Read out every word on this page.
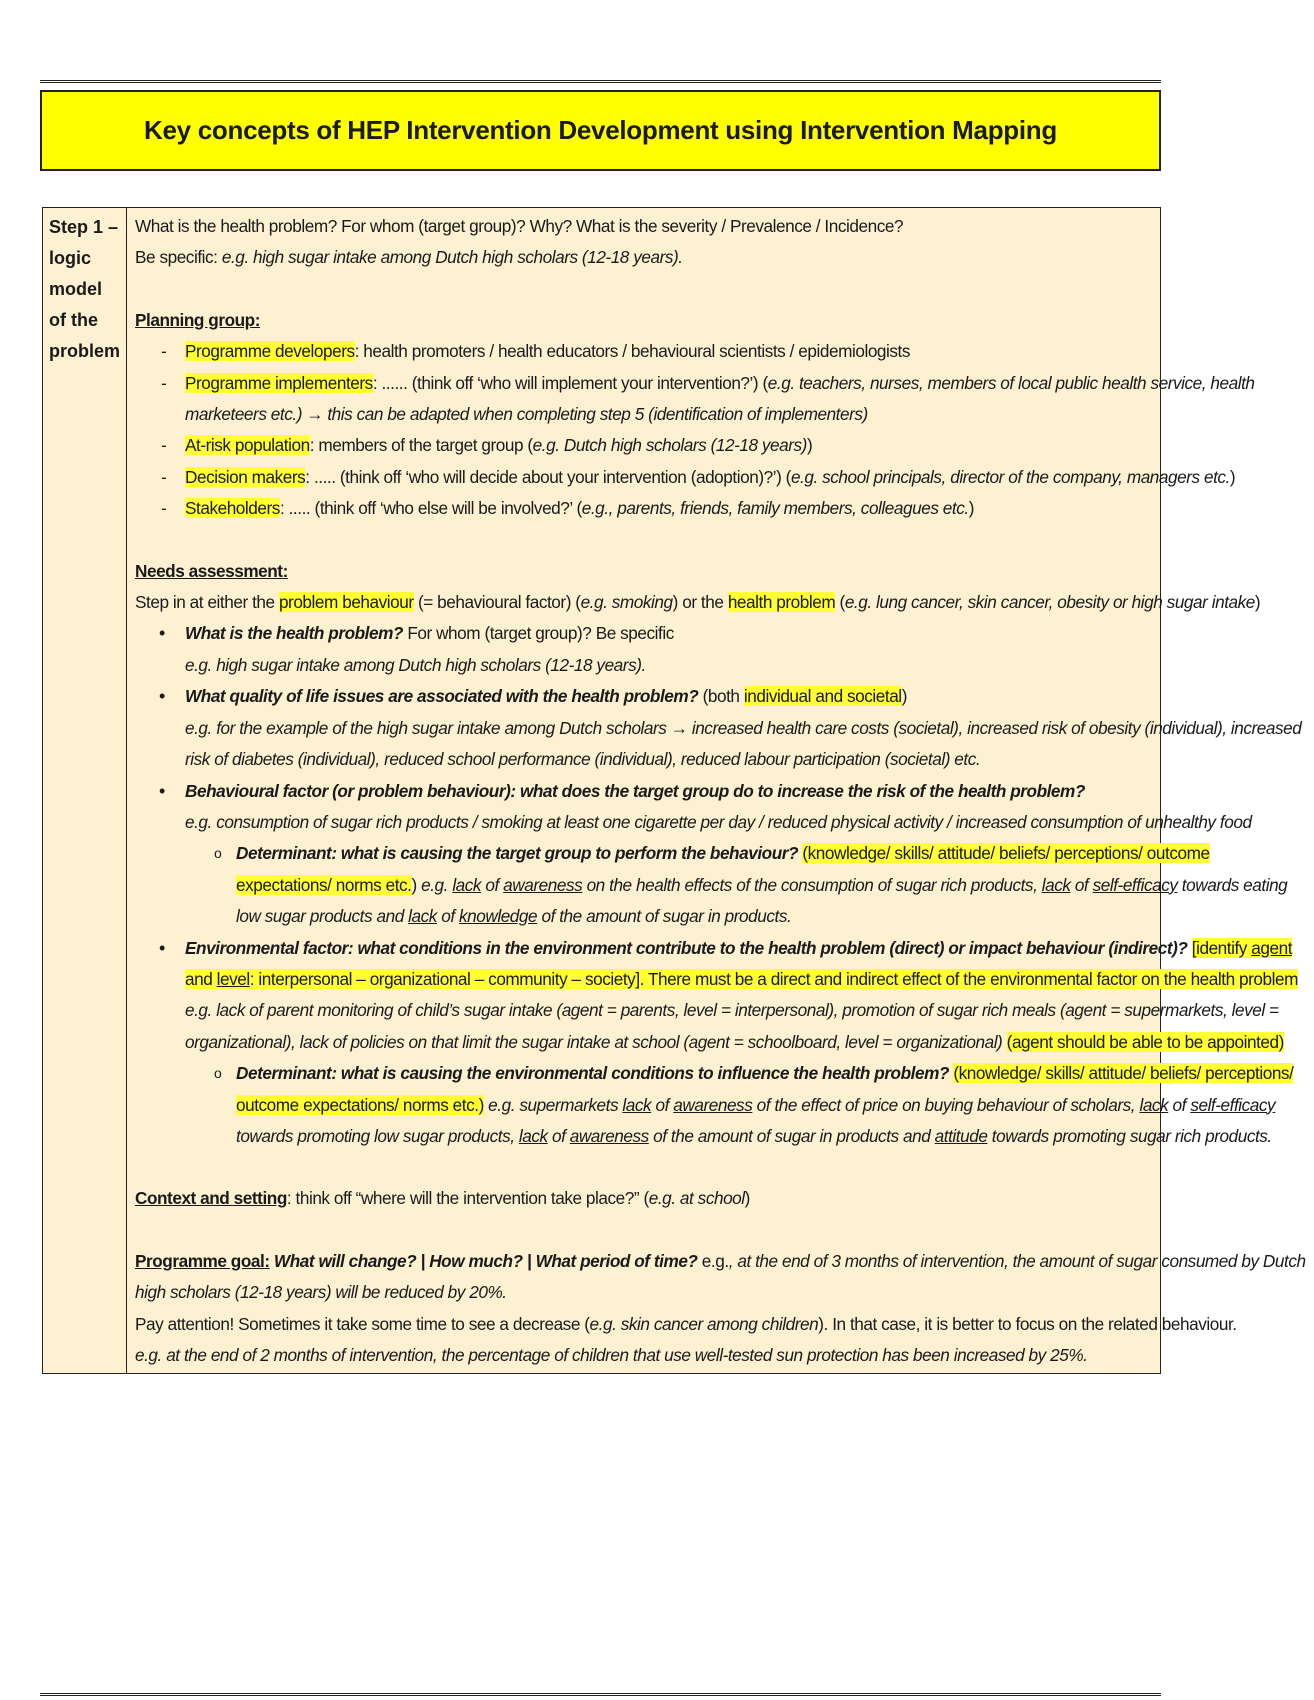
Key concepts of HEP Intervention Development using Intervention Mapping
Step 1 – logic model of the problem

What is the health problem? For whom (target group)? Why? What is the severity / Prevalence / Incidence?

Be specific: e.g. high sugar intake among Dutch high scholars (12-18 years).

Planning group:

- Programme developers: health promoters / health educators / behavioural scientists / epidemiologists
- Programme implementers: ...... (think off ‘who will implement your intervention?’) (e.g. teachers, nurses, members of local public health service, health
marketeers etc.) → this can be adapted when completing step 5 (identification of implementers)
- At-risk population: members of the target group (e.g. Dutch high scholars (12-18 years))
- Decision makers: ..... (think off ‘who will decide about your intervention (adoption)?’) (e.g. school principals, director of the company, managers etc.)
- Stakeholders: ..... (think off ‘who else will be involved?’ (e.g., parents, friends, family members, colleagues etc.)

Needs assessment:

Step in at either the problem behaviour (= behavioural factor) (e.g. smoking) or the health problem (e.g. lung cancer, skin cancer, obesity or high sugar intake)

• What is the health problem? For whom (target group)? Be specific
e.g. high sugar intake among Dutch high scholars (12-18 years).
• What quality of life issues are associated with the health problem? (both individual and societal)
e.g. for the example of the high sugar intake among Dutch scholars → increased health care costs (societal), increased risk of obesity (individual), increased
risk of diabetes (individual), reduced school performance (individual), reduced labour participation (societal) etc.
• Behavioural factor (or problem behaviour): what does the target group do to increase the risk of the health problem?
e.g. consumption of sugar rich products / smoking at least one cigarette per day / reduced physical activity / increased consumption of unhealthy food
o Determinant: what is causing the target group to perform the behaviour? (knowledge/ skills/ attitude/ beliefs/ perceptions/ outcome
expectations/ norms etc.) e.g. lack of awareness on the health effects of the consumption of sugar rich products, lack of self-efficacy towards eating
low sugar products and lack of knowledge of the amount of sugar in products.
• Environmental factor: what conditions in the environment contribute to the health problem (direct) or impact behaviour (indirect)? [identify agent
and level: interpersonal – organizational – community – society]. There must be a direct and indirect effect of the environmental factor on the health problem
e.g. lack of parent monitoring of child’s sugar intake (agent = parents, level = interpersonal), promotion of sugar rich meals (agent = supermarkets, level =
organizational), lack of policies on that limit the sugar intake at school (agent = schoolboard, level = organizational) (agent should be able to be appointed)
o Determinant: what is causing the environmental conditions to influence the health problem? (knowledge/ skills/ attitude/ beliefs/ perceptions/
outcome expectations/ norms etc.) e.g. supermarkets lack of awareness of the effect of price on buying behaviour of scholars, lack of self-efficacy
towards promoting low sugar products, lack of awareness of the amount of sugar in products and attitude towards promoting sugar rich products.

Context and setting: think off “where will the intervention take place?” (e.g. at school)

Programme goal: What will change? | How much? | What period of time? e.g., at the end of 3 months of intervention, the amount of sugar consumed by Dutch

high scholars (12-18 years) will be reduced by 20%.

Pay attention! Sometimes it take some time to see a decrease (e.g. skin cancer among children). In that case, it is better to focus on the related behaviour.

e.g. at the end of 2 months of intervention, the percentage of children that use well-tested sun protection has been increased by 25%.
